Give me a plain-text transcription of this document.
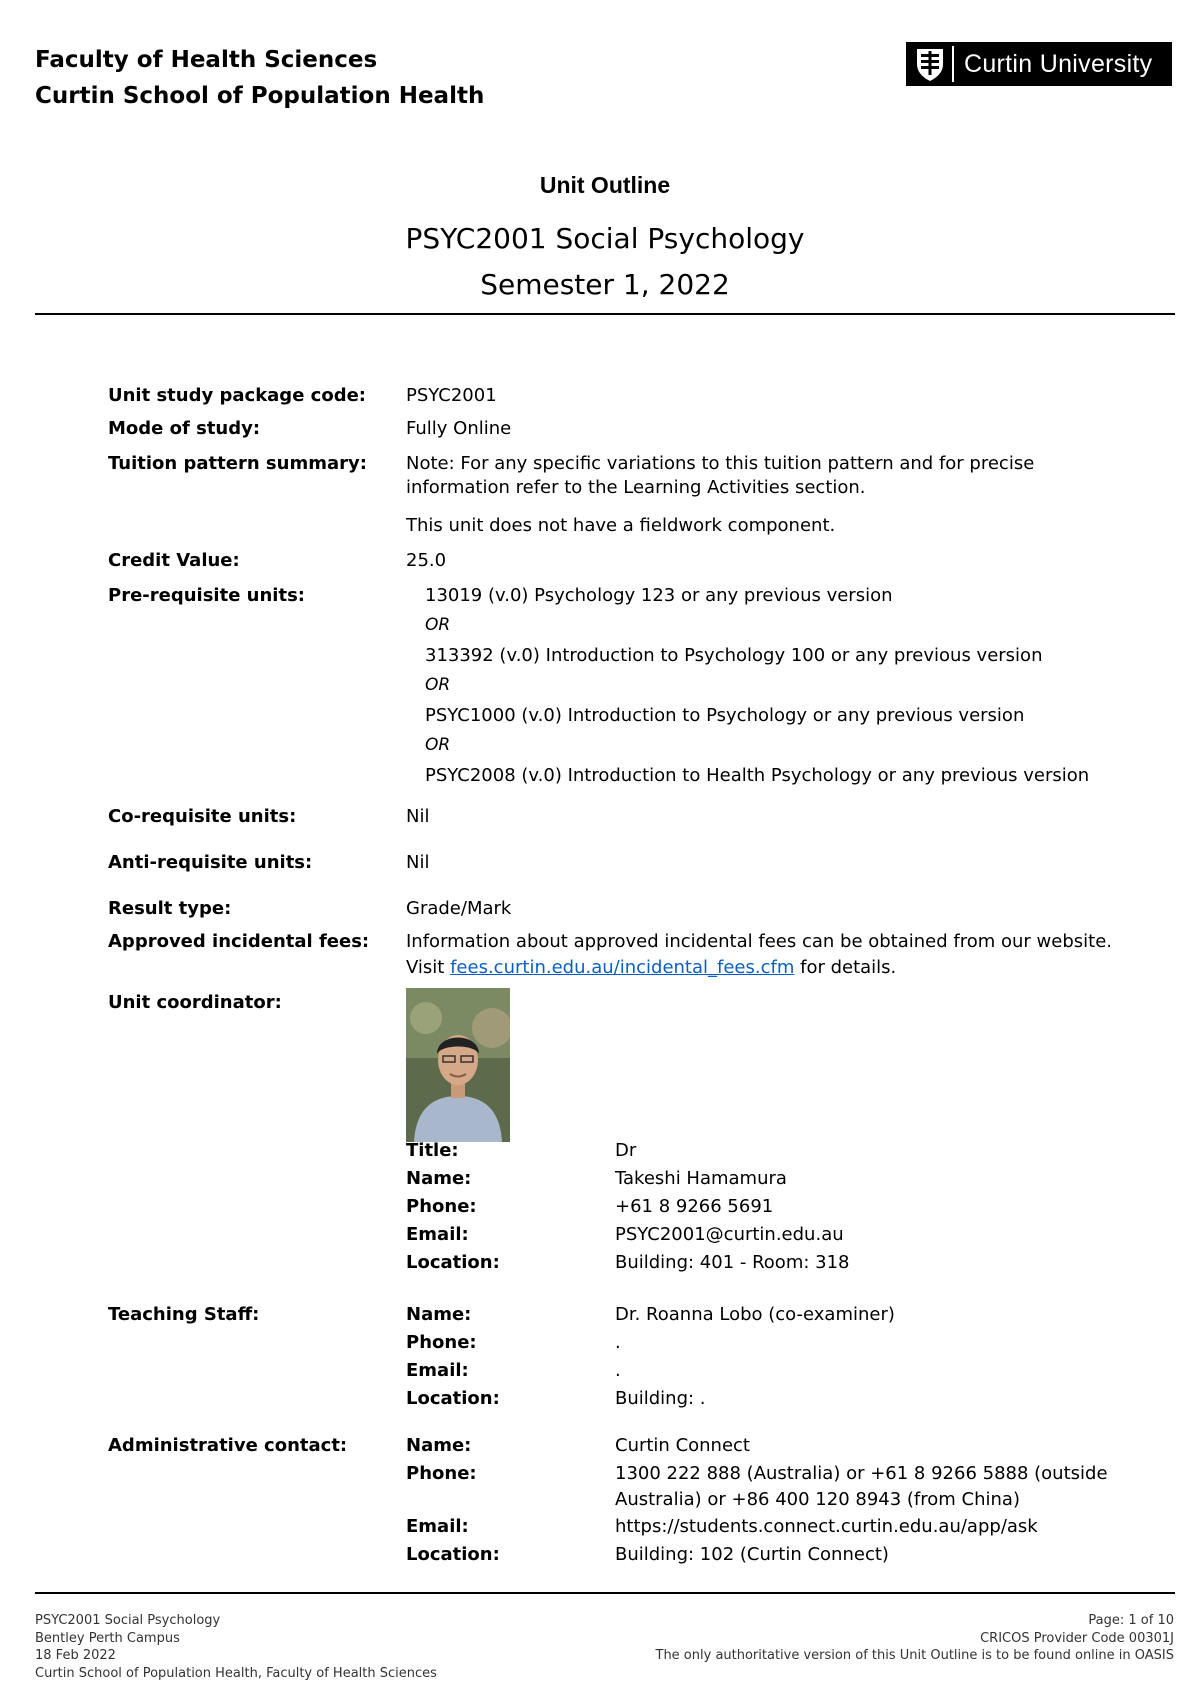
Faculty of Health Sciences
Curtin School of Population Health
Curtin University
Unit Outline
PSYC2001 Social Psychology
Semester 1, 2022
Unit study package code: PSYC2001
Mode of study:	Fully Online
Tuition pattern summary: Note: For any specific variations to this tuition pattern and for precise
information refer to the Learning Activities section.
This unit does not have a fieldwork component.
Credit Value:	25.0
Pre-requisite units:	13019 (v.0) Psychology 123 or any previous version
OR
313392 (v.0) Introduction to Psychology 100 or any previous version
OR
PSYC1000 (v.0) Introduction to Psychology or any previous version
OR
PSYC2008 (v.0) Introduction to Health Psychology or any previous version
Co-requisite units:	Nil
Anti-requisite units:	Nil
Result type:	Grade/Mark
Approved incidental fees: Information about approved incidental fees can be obtained from our website.
Visit fees.curtin.edu.au/incidental_fees.cfm for details.
Unit coordinator:
Title:	Dr
Name:	Takeshi Hamamura
Phone:	+61 8 9266 5691
Email:	PSYC2001@curtin.edu.au
Location:	Building: 401 - Room: 318
Teaching Staff:	Name:	Dr. Roanna Lobo (co-examiner)
Phone:	.
Email:	.
Location:	Building: .
Administrative contact:	Name:	Curtin Connect
Phone:	1300 222 888 (Australia) or +61 8 9266 5888 (outside
Australia) or +86 400 120 8943 (from China)
Email:	https://students.connect.curtin.edu.au/app/ask
Location:	Building: 102 (Curtin Connect)
PSYC2001 Social Psychology
Bentley Perth Campus
18 Feb 2022
Curtin School of Population Health, Faculty of Health Sciences
Page: 1 of 10
CRICOS Provider Code 00301J
The only authoritative version of this Unit Outline is to be found online in OASIS
